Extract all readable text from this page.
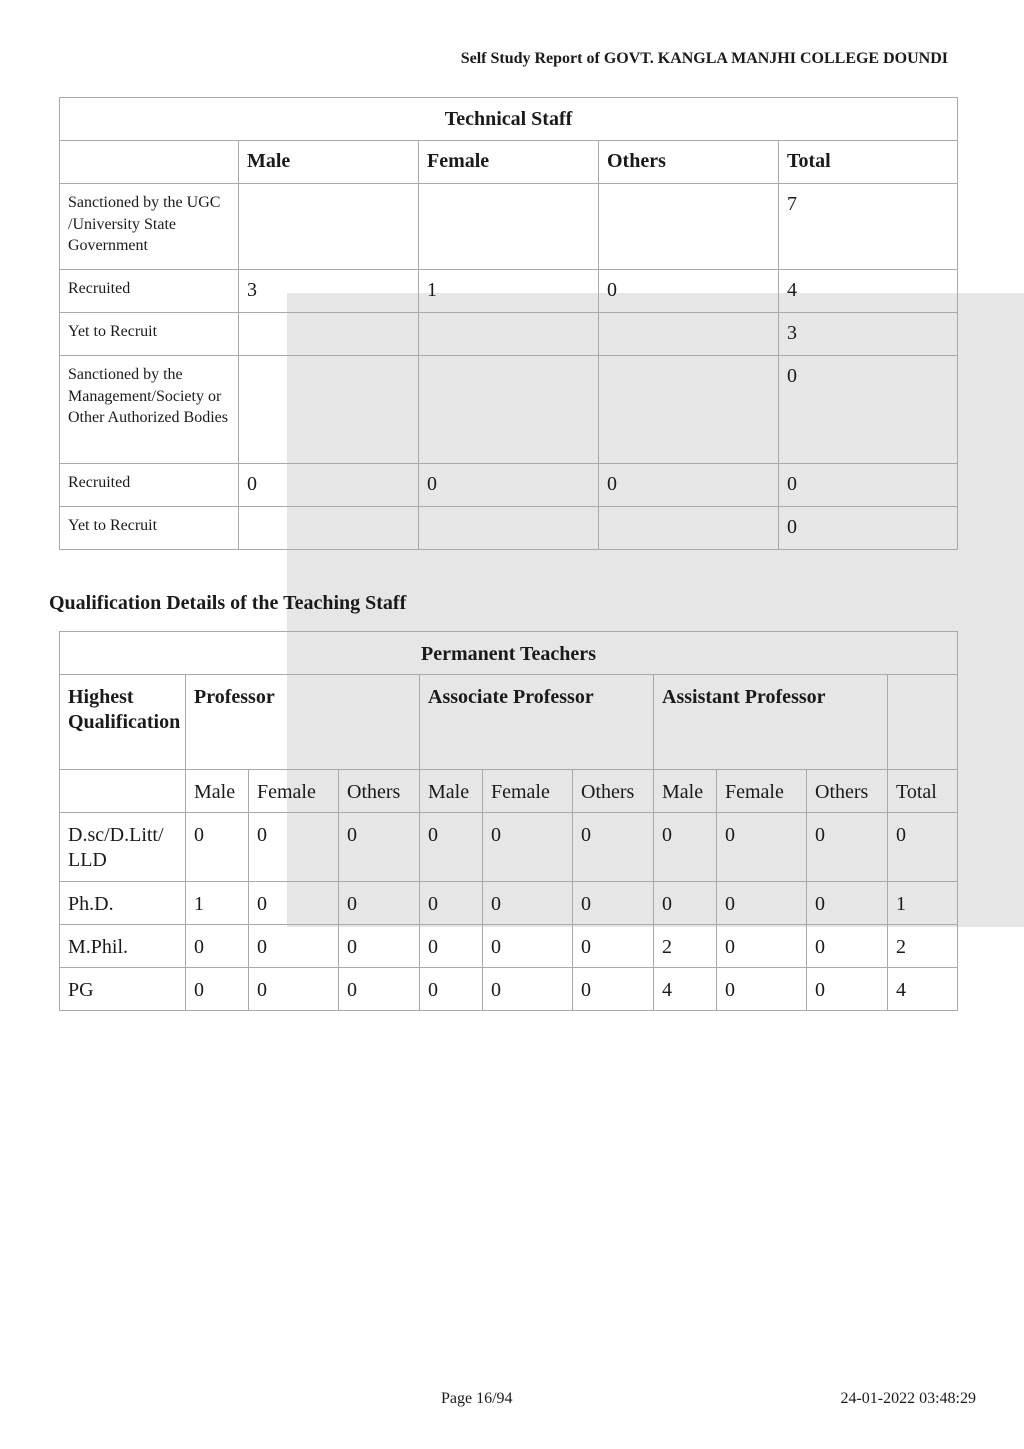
Self Study Report of GOVT. KANGLA MANJHI COLLEGE DOUNDI
Technical Staff				
	Male	Female	Others	Total
Sanctioned by the UGC /University State Government				7
Recruited	3	1	0	4
Yet to Recruit				3
Sanctioned by the Management/Society or Other Authorized Bodies				0
Recruited	0	0	0	0
Yet to Recruit				0
Qualification Details of the Teaching Staff
Permanent Teachers										
Highest Qualification	Professor			Associate Professor			Assistant Professor			
	Male	Female	Others	Male	Female	Others	Male	Female	Others	Total
D.sc/D.Litt/ LLD	0	0	0	0	0	0	0	0	0	0
Ph.D.	1	0	0	0	0	0	0	0	0	1
M.Phil.	0	0	0	0	0	0	2	0	0	2
PG	0	0	0	0	0	0	4	0	0	4
Page 16/94	24-01-2022 03:48:29
